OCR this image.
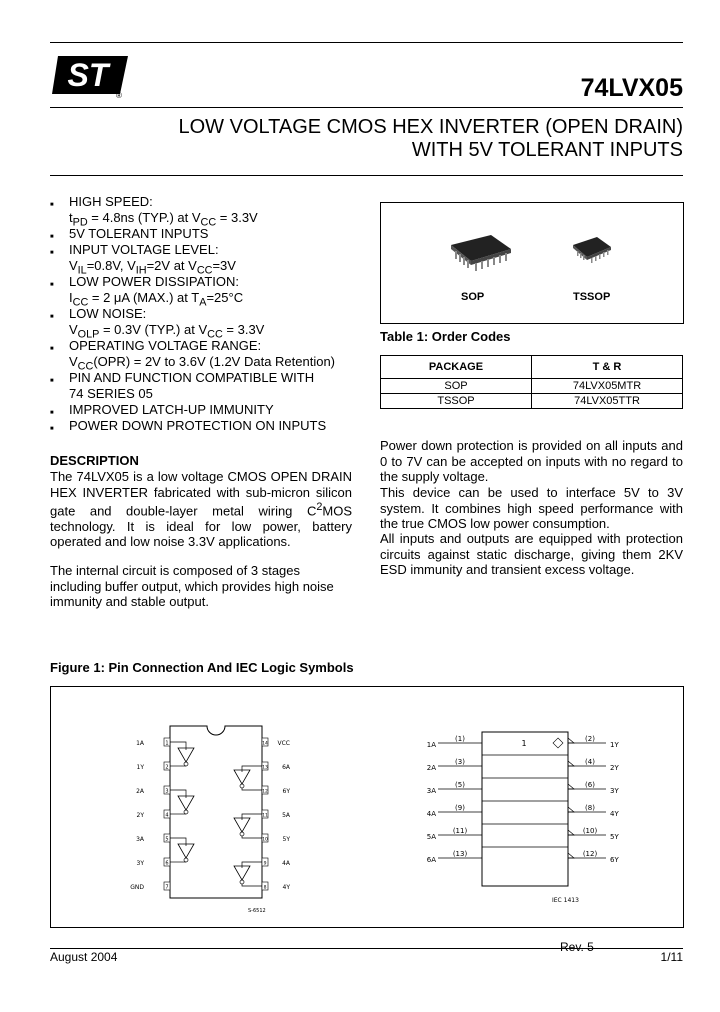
ST
®	74LVX05
LOW VOLTAGE CMOS HEX INVERTER (OPEN DRAIN)
WITH 5V TOLERANT INPUTS
■ HIGH SPEED:
$t_{PD} = 4.8ns$ (TYP.) at $V_{CC} = 3.3V$
■ 5V TOLERANT INPUTS
■ INPUT VOLTAGE LEVEL:
$V_{IL}=0.8V$, $V_{IH}=2V$ at $V_{CC}=3V$
■ LOW POWER DISSIPATION:
$I_{CC} = 2$ μA (MAX.) at $T_A=25^\circ C$
■ LOW NOISE:
$V_{OLP} = 0.3V$ (TYP.) at $V_{CC} = 3.3V$
■ OPERATING VOLTAGE RANGE:
$V_{CC}(OPR) = 2V$ to 3.6V (1.2V Data Retention)
■ PIN AND FUNCTION COMPATIBLE WITH
74 SERIES 05
■ IMPROVED LATCH-UP IMMUNITY
■ POWER DOWN PROTECTION ON INPUTS
DESCRIPTION
The 74LVX05 is a low voltage CMOS OPEN DRAIN HEX INVERTER fabricated with sub-micron silicon gate and double-layer metal wiring $C^2MOS$ technology. It is ideal for low power, battery operated and low noise 3.3V applications.
The internal circuit is composed of 3 stages including buffer output, which provides high noise immunity and stable output.
SOP	TSSOP
Table 1: Order Codes
PACKAGE	T & R
SOP	74LVX05MTR
TSSOP	74LVX05TTR
Power down protection is provided on all inputs and 0 to 7V can be accepted on inputs with no regard to the supply voltage.
This device can be used to interface 5V to 3V system. It combines high speed performance with the true CMOS low power consumption.
All inputs and outputs are equipped with protection circuits against static discharge, giving them 2KV ESD immunity and transient excess voltage.
Figure 1: Pin Connection And IEC Logic Symbols
1A	1	14 VCC
1Y	2	13 6A
2A	3	12 6Y
2Y	4	11 5A
3A	5	10 5Y
3Y	6	9	4A
GND	7	8	4Y
S-6512
1
1A
(1)	(2)
1Y
2A
(3)	(4)
2Y
3A
(5)	(6)
3Y
4A
(9)	(8)
4Y
5A
(11)	(10)
5Y
6A
(13)	(12)
6Y
IEC 1413
Rev. 5
August 2004	1/11
